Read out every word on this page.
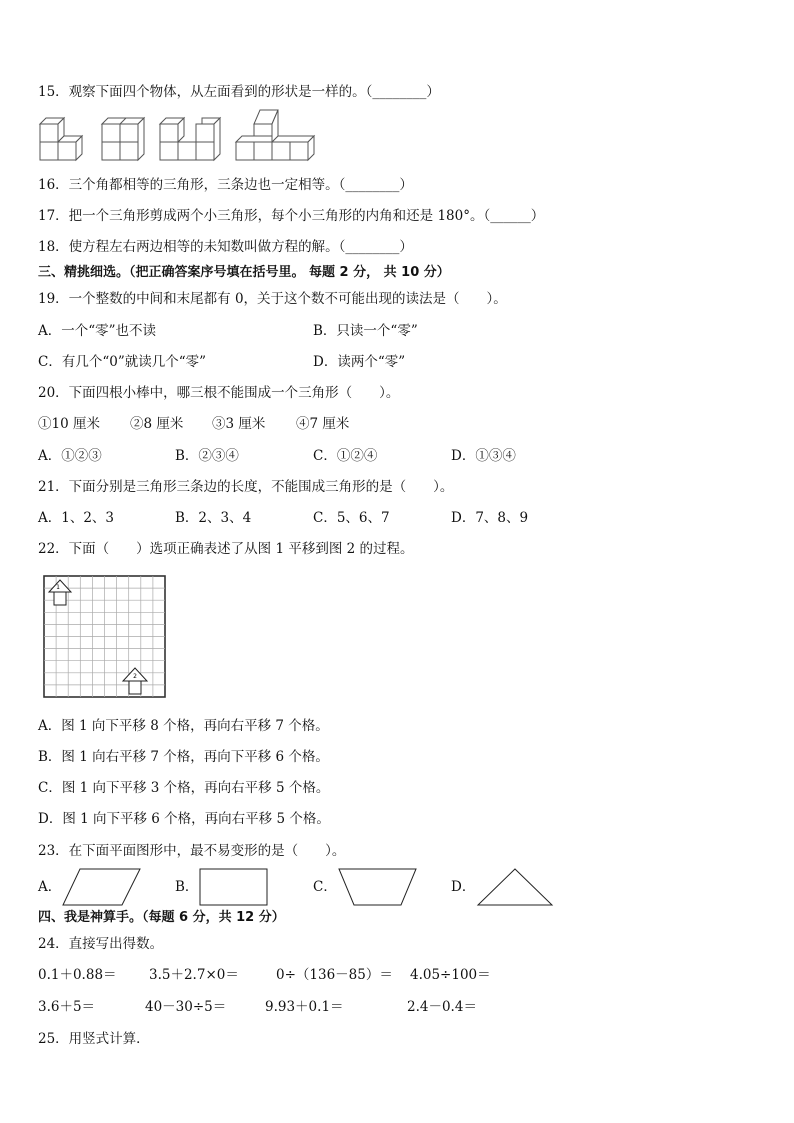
15．观察下面四个物体，从左面看到的形状是一样的。（________）
16．三个角都相等的三角形，三条边也一定相等。（________）
17．把一个三角形剪成两个小三角形，每个小三角形的内角和还是 180°。（______）
18．使方程左右两边相等的未知数叫做方程的解。（________）
三、精挑细选。（把正确答案序号填在括号里。 每题 2 分， 共 10 分）
19．一个整数的中间和末尾都有 0，关于这个数不可能出现的读法是（　　）。
A．一个“零”也不读	B．只读一个“零”
C．有几个“0”就读几个“零”	D．读两个“零”
20．下面四根小棒中，哪三根不能围成一个三角形（　　）。
①10 厘米 ②8 厘米 ③3 厘米 ④7 厘米
A．①②③	B．②③④	C．①②④	D．①③④
21．下面分别是三角形三条边的长度，不能围成三角形的是（　　）。
A．1、2、3	B．2、3、4	C．5、6、7	D．7、8、9
22．下面（　　）选项正确表述了从图 1 平移到图 2 的过程。
1
2
A．图 1 向下平移 8 个格，再向右平移 7 个格。
B．图 1 向右平移 7 个格，再向下平移 6 个格。
C．图 1 向下平移 3 个格，再向右平移 5 个格。
D．图 1 向下平移 6 个格，再向右平移 5 个格。
23．在下面平面图形中，最不易变形的是（　　）。
A．	B．	C．	D．
四、我是神算手。（每题 6 分，共 12 分）
24．直接写出得数。
0.1＋0.88＝ 3.5＋2.7×0＝	0÷（136－85）＝ 4.05÷100＝
3.6＋5＝	40－30÷5＝	9.93＋0.1＝	2.4－0.4＝
25．用竖式计算．
